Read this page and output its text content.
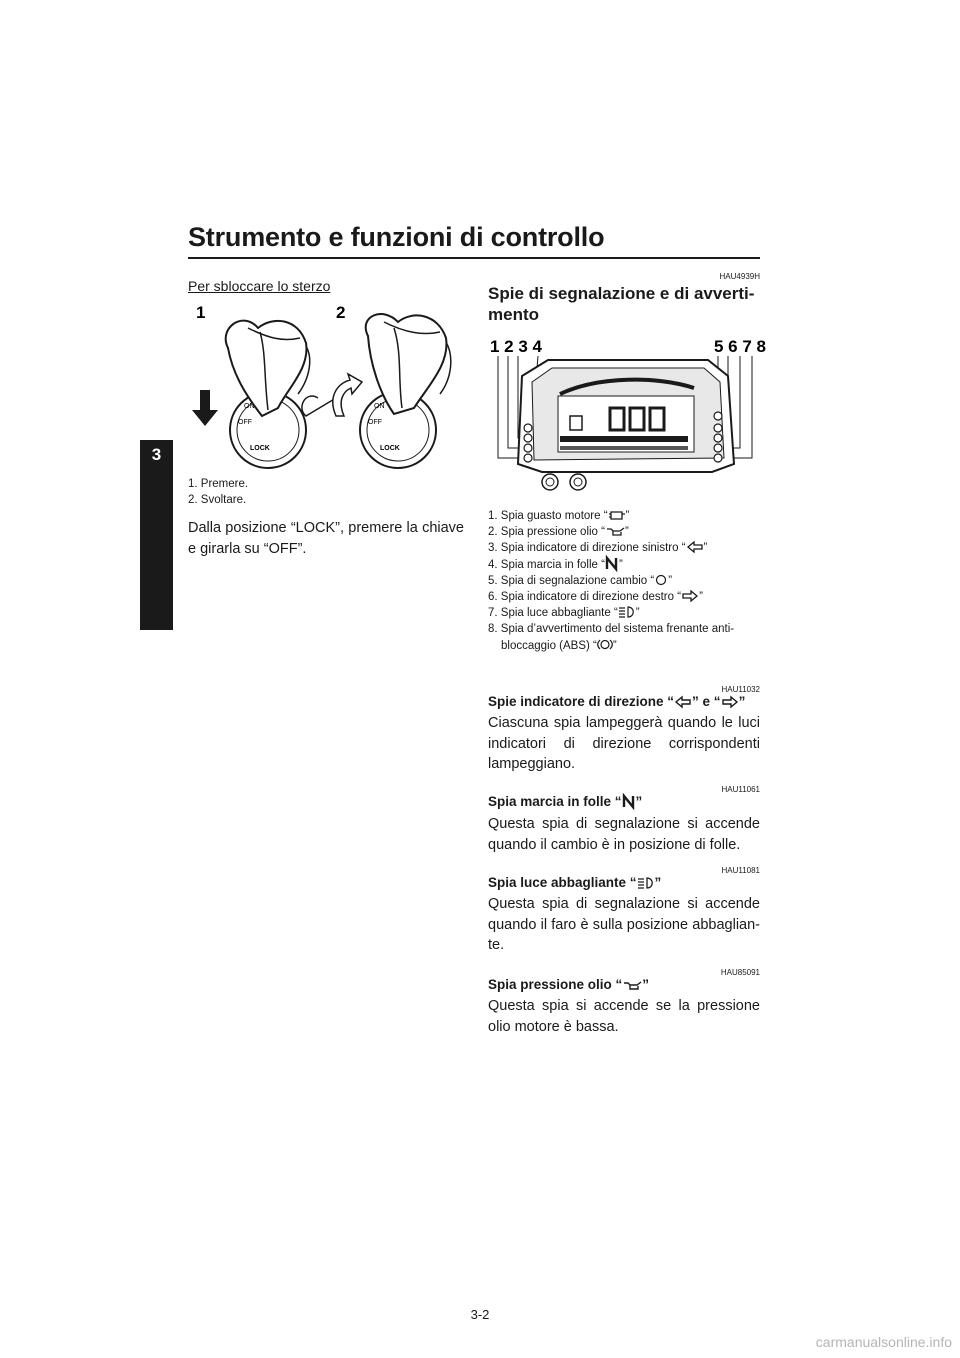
Strumento e funzioni di controllo
3
Per sbloccare lo sterzo
1	2
ON
OFF
LOCK
ON
OFF
LOCK
1. Premere.
2. Svoltare.
Dalla posizione “LOCK”, premere la chiave e girarla su “OFF”.
HAU4939H
Spie di segnalazione e di avverti-mento
1 2 3 4	5 6 7 8
1. Spia guasto motore “ ”
2. Spia pressione olio “ ”
3. Spia indicatore di direzione sinistro “ ”
4. Spia marcia in folle “ ”
5. Spia di segnalazione cambio “ ”
6. Spia indicatore di direzione destro “ ”
7. Spia luce abbagliante “ ”
8. Spia d’avvertimento del sistema frenante anti-bloccaggio (ABS) “ ”
HAU11032
Spie indicatore di direzione “ ” e “ ”
Ciascuna spia lampeggerà quando le luci indicatori di direzione corrispondenti lampeggiano.
HAU11061
Spia marcia in folle “ ”
Questa spia di segnalazione si accende quando il cambio è in posizione di folle.
HAU11081
Spia luce abbagliante “ ”
Questa spia di segnalazione si accende quando il faro è sulla posizione abbaglian-te.
HAU85091
Spia pressione olio “ ”
Questa spia si accende se la pressione olio motore è bassa.
3-2
carmanualsonline.info
